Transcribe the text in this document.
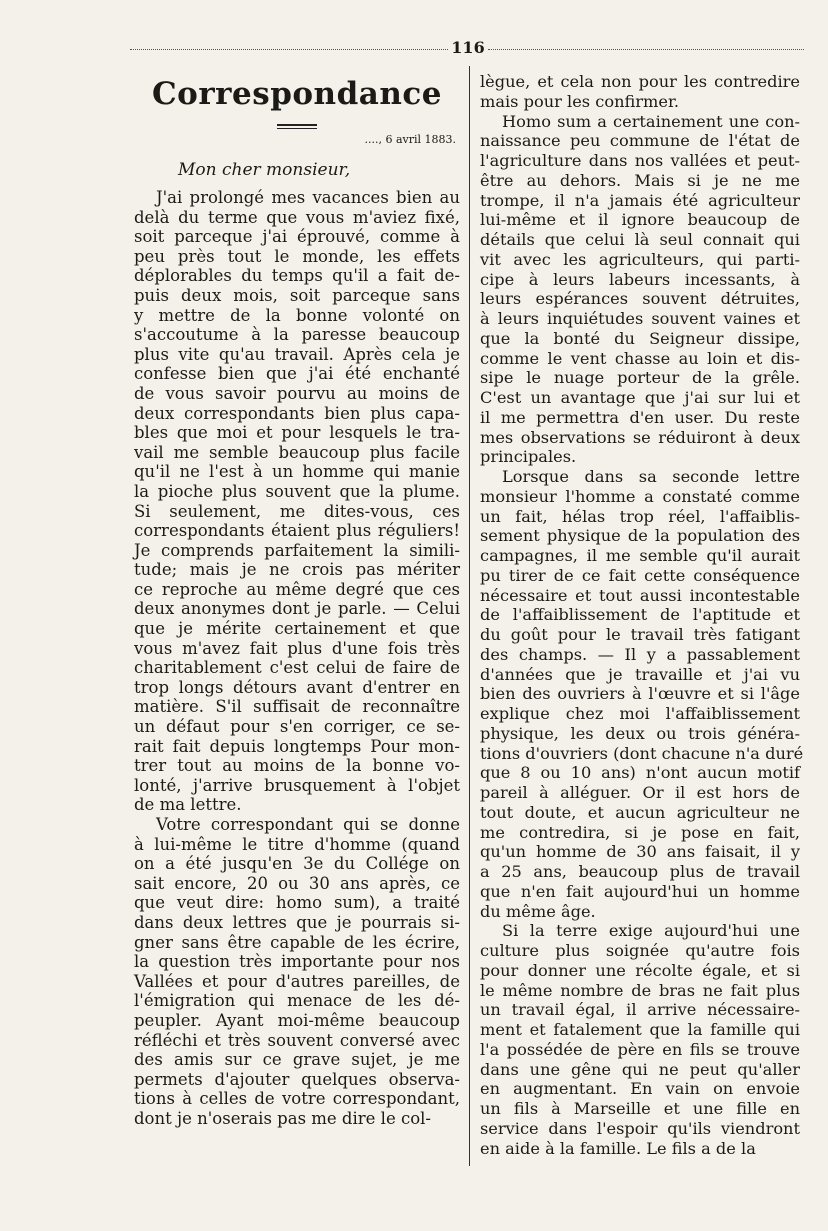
116
Correspondance
...., 6 avril 1883.
Mon cher monsieur,
J'ai prolongé mes vacances bien au
delà du terme que vous m'aviez fixé,
soit parceque j'ai éprouvé, comme à
peu près tout le monde, les effets
déplorables du temps qu'il a fait de-
puis deux mois, soit parceque sans
y mettre de la bonne volonté on
s'accoutume à la paresse beaucoup
plus vite qu'au travail. Après cela je
confesse bien que j'ai été enchanté
de vous savoir pourvu au moins de
deux correspondants bien plus capa-
bles que moi et pour lesquels le tra-
vail me semble beaucoup plus facile
qu'il ne l'est à un homme qui manie
la pioche plus souvent que la plume.
Si seulement, me dites-vous, ces
correspondants étaient plus réguliers!
Je comprends parfaitement la simili-
tude; mais je ne crois pas mériter
ce reproche au même degré que ces
deux anonymes dont je parle. — Celui
que je mérite certainement et que
vous m'avez fait plus d'une fois très
charitablement c'est celui de faire de
trop longs détours avant d'entrer en
matière. S'il suffisait de reconnaître
un défaut pour s'en corriger, ce se-
rait fait depuis longtemps Pour mon-
trer tout au moins de la bonne vo-
lonté, j'arrive brusquement à l'objet
de ma lettre.
Votre correspondant qui se donne
à lui-même le titre d'homme (quand
on a été jusqu'en 3e du Collége on
sait encore, 20 ou 30 ans après, ce
que veut dire: homo sum), a traité
dans deux lettres que je pourrais si-
gner sans être capable de les écrire,
la question très importante pour nos
Vallées et pour d'autres pareilles, de
l'émigration qui menace de les dé-
peupler. Ayant moi-même beaucoup
réfléchi et très souvent conversé avec
des amis sur ce grave sujet, je me
permets d'ajouter quelques observa-
tions à celles de votre correspondant,
dont je n'oserais pas me dire le col-
lègue, et cela non pour les contredire
mais pour les confirmer.
Homo sum a certainement une con-
naissance peu commune de l'état de
l'agriculture dans nos vallées et peut-
être au dehors. Mais si je ne me
trompe, il n'a jamais été agriculteur
lui-même et il ignore beaucoup de
détails que celui là seul connait qui
vit avec les agriculteurs, qui parti-
cipe à leurs labeurs incessants, à
leurs espérances souvent détruites,
à leurs inquiétudes souvent vaines et
que la bonté du Seigneur dissipe,
comme le vent chasse au loin et dis-
sipe le nuage porteur de la grêle.
C'est un avantage que j'ai sur lui et
il me permettra d'en user. Du reste
mes observations se réduiront à deux
principales.
Lorsque dans sa seconde lettre
monsieur l'homme a constaté comme
un fait, hélas trop réel, l'affaiblis-
sement physique de la population des
campagnes, il me semble qu'il aurait
pu tirer de ce fait cette conséquence
nécessaire et tout aussi incontestable
de l'affaiblissement de l'aptitude et
du goût pour le travail très fatigant
des champs. — Il y a passablement
d'années que je travaille et j'ai vu
bien des ouvriers à l'œuvre et si l'âge
explique chez moi l'affaiblissement
physique, les deux ou trois généra-
tions d'ouvriers (dont chacune n'a duré
que 8 ou 10 ans) n'ont aucun motif
pareil à alléguer. Or il est hors de
tout doute, et aucun agriculteur ne
me contredira, si je pose en fait,
qu'un homme de 30 ans faisait, il y
a 25 ans, beaucoup plus de travail
que n'en fait aujourd'hui un homme
du même âge.
Si la terre exige aujourd'hui une
culture plus soignée qu'autre fois
pour donner une récolte égale, et si
le même nombre de bras ne fait plus
un travail égal, il arrive nécessaire-
ment et fatalement que la famille qui
l'a possédée de père en fils se trouve
dans une gêne qui ne peut qu'aller
en augmentant. En vain on envoie
un fils à Marseille et une fille en
service dans l'espoir qu'ils viendront
en aide à la famille. Le fils a de la
